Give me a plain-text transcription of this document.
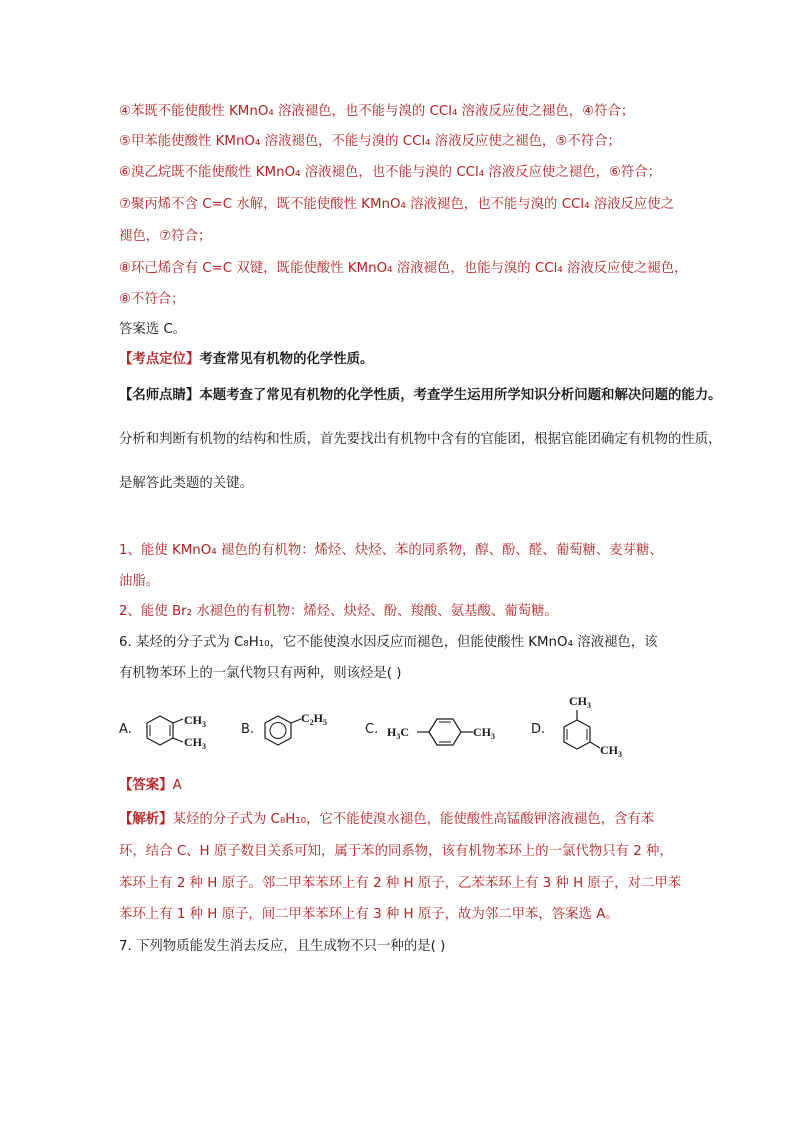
④苯既不能使酸性 KMnO₄ 溶液褪色，也不能与溴的 CCl₄ 溶液反应使之褪色，④符合；
⑤甲苯能使酸性 KMnO₄ 溶液褪色，不能与溴的 CCl₄ 溶液反应使之褪色，⑤不符合；
⑥溴乙烷既不能使酸性 KMnO₄ 溶液褪色，也不能与溴的 CCl₄ 溶液反应使之褪色，⑥符合；
⑦聚丙烯不含 C=C 水解，既不能使酸性 KMnO₄ 溶液褪色，也不能与溴的 CCl₄ 溶液反应使之
褪色，⑦符合；
⑧环己烯含有 C=C 双键，既能使酸性 KMnO₄ 溶液褪色，也能与溴的 CCl₄ 溶液反应使之褪色，
⑧不符合；
答案选 C。
【考点定位】考查常见有机物的化学性质。
【名师点睛】本题考查了常见有机物的化学性质，考查学生运用所学知识分析问题和解决问题的能力。
分析和判断有机物的结构和性质，首先要找出有机物中含有的官能团，根据官能团确定有机物的性质，
是解答此类题的关键。
1、能使 KMnO₄ 褪色的有机物：烯烃、炔烃、苯的同系物，醇、酚、醛、葡萄糖、麦芽糖、
油脂。
2、能使 Br₂ 水褪色的有机物：烯烃、炔烃、酚、羧酸、氨基酸、葡萄糖。
6. 某烃的分子式为 C₈H₁₀，它不能使溴水因反应而褪色，但能使酸性 KMnO₄ 溶液褪色，该
有机物苯环上的一氯代物只有两种，则该烃是( )
A.	B.	C.	D.
$CH_3$
$CH_3$
$C_2H_5$
$H_3C$	$CH_3$
$CH_3$
$CH_3$
【答案】A
【解析】某烃的分子式为 C₈H₁₀，它不能使溴水褪色，能使酸性高锰酸钾溶液褪色，含有苯
环，结合 C、H 原子数目关系可知，属于苯的同系物，该有机物苯环上的一氯代物只有 2 种，
苯环上有 2 种 H 原子。邻二甲苯苯环上有 2 种 H 原子，乙苯苯环上有 3 种 H 原子，对二甲苯
苯环上有 1 种 H 原子，间二甲苯苯环上有 3 种 H 原子，故为邻二甲苯，答案选 A。
7. 下列物质能发生消去反应，且生成物不只一种的是( )
